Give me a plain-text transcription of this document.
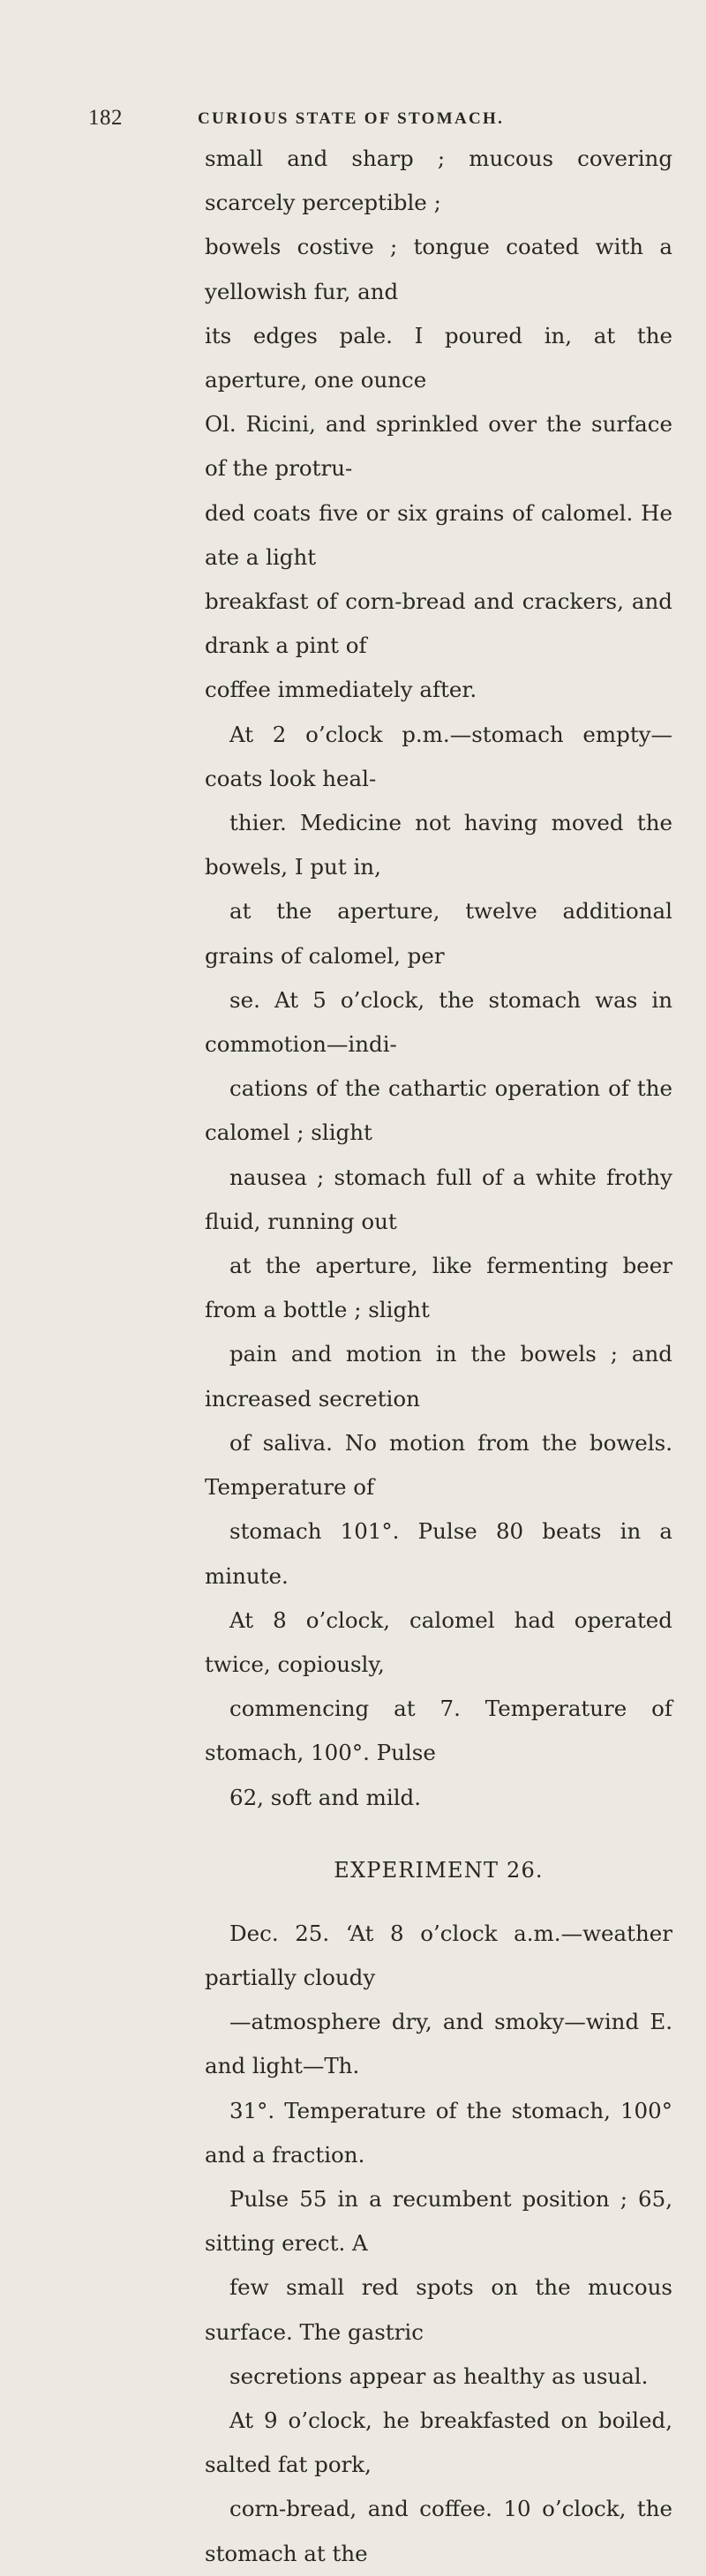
182	CURIOUS STATE OF STOMACH.

small and sharp ; mucous covering scarcely perceptible ;
bowels costive ; tongue coated with a yellowish fur, and
its edges pale. I poured in, at the aperture, one ounce
Ol. Ricini, and sprinkled over the surface of the protru-
ded coats five or six grains of calomel. He ate a light
breakfast of corn-bread and crackers, and drank a pint of
coffee immediately after.

At 2 o’clock p.m.—stomach empty—coats look heal-
thier. Medicine not having moved the bowels, I put in,
at the aperture, twelve additional grains of calomel, per
se. At 5 o’clock, the stomach was in commotion—indi-
cations of the cathartic operation of the calomel ; slight
nausea ; stomach full of a white frothy fluid, running out
at the aperture, like fermenting beer from a bottle ; slight
pain and motion in the bowels ; and increased secretion
of saliva. No motion from the bowels. Temperature of
stomach 101°. Pulse 80 beats in a minute.

At 8 o’clock, calomel had operated twice, copiously,
commencing at 7. Temperature of stomach, 100°. Pulse
62, soft and mild.

EXPERIMENT 26.

Dec. 25. ‘At 8 o’clock a.m.—weather partially cloudy
—atmosphere dry, and smoky—wind E. and light—Th.
31°. Temperature of the stomach, 100° and a fraction.
Pulse 55 in a recumbent position ; 65, sitting erect. A
few small red spots on the mucous surface. The gastric
secretions appear as healthy as usual.

At 9 o’clock, he breakfasted on boiled, salted fat pork,
corn-bread, and coffee. 10 o’clock, the stomach at the
